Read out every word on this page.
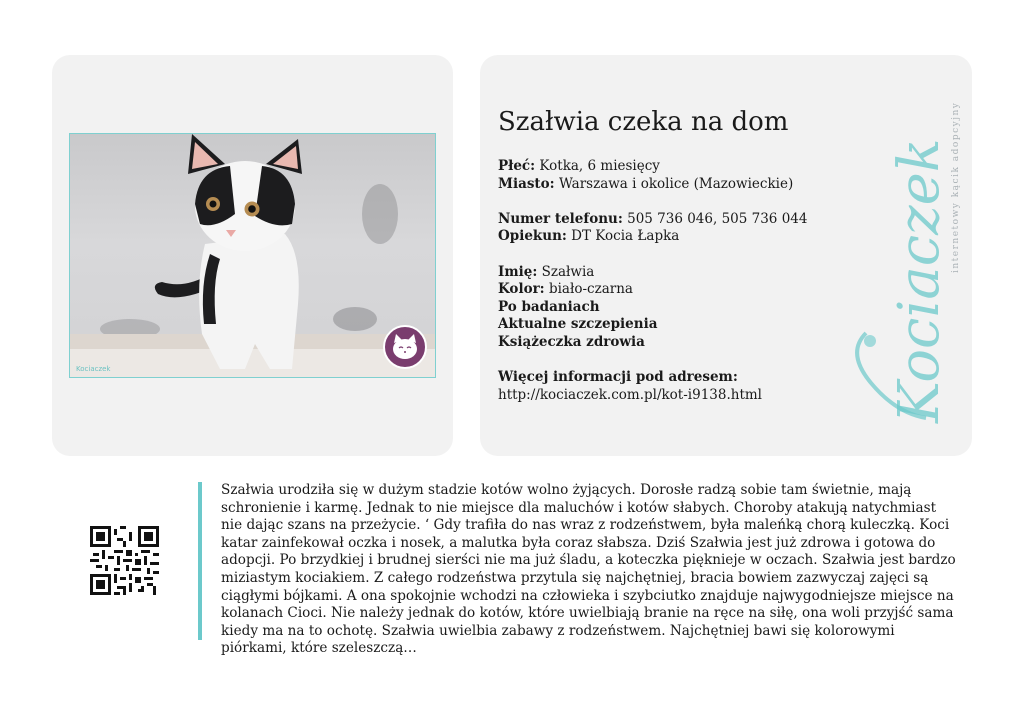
Kociaczek
Szałwia czeka na dom
Płeć: Kotka, 6 miesięcy
Miasto: Warszawa i okolice (Mazowieckie)
Numer telefonu: 505 736 046, 505 736 044
Opiekun: DT Kocia Łapka
Imię: Szałwia
Kolor: biało-czarna
Po badaniach
Aktualne szczepienia
Książeczka zdrowia
Więcej informacji pod adresem:
http://kociaczek.com.pl/kot-i9138.html	Kociaczek internetowy kącik adopcyjny

Szałwia urodziła się w dużym stadzie kotów wolno żyjących. Dorosłe radzą sobie tam świetnie, mają schronienie i karmę. Jednak to nie miejsce dla maluchów i kotów słabych. Choroby atakują natychmiast nie dając szans na przeżycie. ‘ Gdy trafiła do nas wraz z rodzeństwem, była maleńką chorą kuleczką. Koci katar zainfekował oczka i nosek, a malutka była coraz słabsza. Dziś Szałwia jest już zdrowa i gotowa do adopcji. Po brzydkiej i brudnej sierści nie ma już śladu, a koteczka pięknieje w oczach. Szałwia jest bardzo miziastym kociakiem. Z całego rodzeństwa przytula się najchętniej, bracia bowiem zazwyczaj zajęci są ciągłymi bójkami. A ona spokojnie wchodzi na człowieka i szybciutko znajduje najwygodniejsze miejsce na kolanach Cioci. Nie należy jednak do kotów, które uwielbiają branie na ręce na siłę, ona woli przyjść sama kiedy ma na to ochotę. Szałwia uwielbia zabawy z rodzeństwem. Najchętniej bawi się kolorowymi piórkami, które szeleszczą…
